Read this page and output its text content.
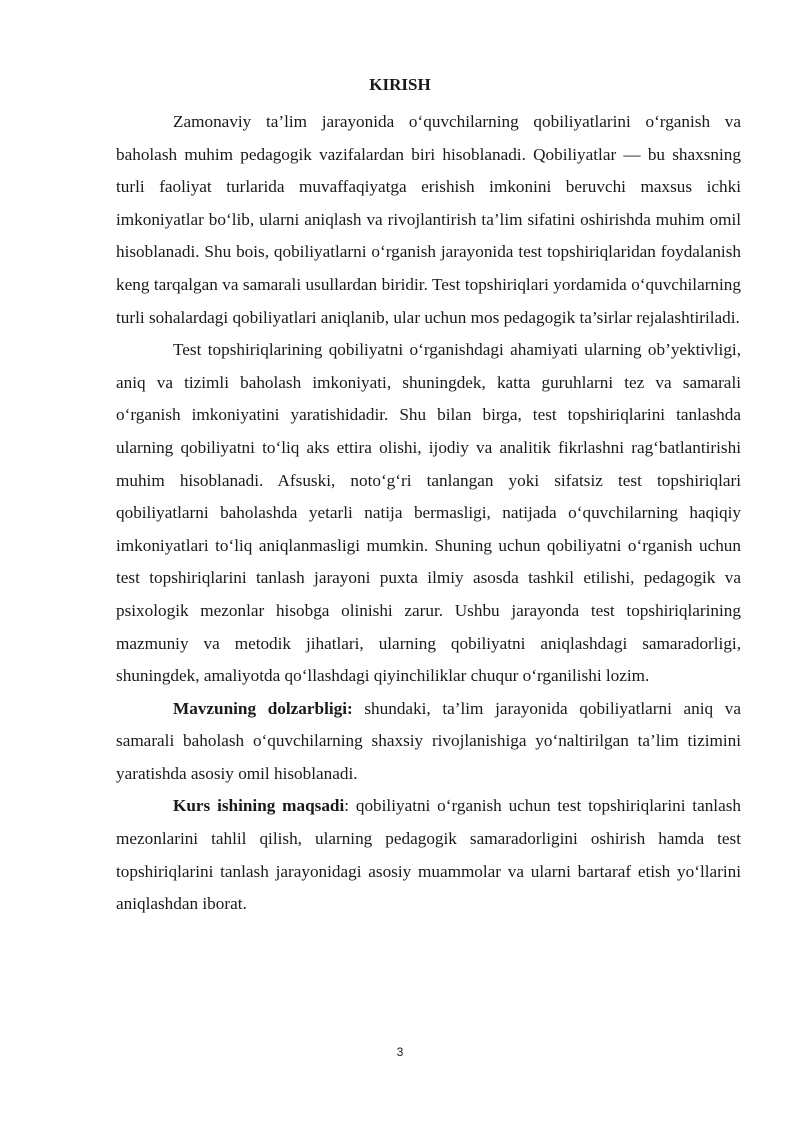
KIRISH

Zamonaviy ta’lim jarayonida o‘quvchilarning qobiliyatlarini o‘rganish va baholash muhim pedagogik vazifalardan biri hisoblanadi. Qobiliyatlar — bu shaxsning turli faoliyat turlarida muvaffaqiyatga erishish imkonini beruvchi maxsus ichki imkoniyatlar bo‘lib, ularni aniqlash va rivojlantirish ta’lim sifatini oshirishda muhim omil hisoblanadi. Shu bois, qobiliyatlarni o‘rganish jarayonida test topshiriqlaridan foydalanish keng tarqalgan va samarali usullardan biridir. Test topshiriqlari yordamida o‘quvchilarning turli sohalardagi qobiliyatlari aniqlanib, ular uchun mos pedagogik ta’sirlar rejalashtiriladi.

Test topshiriqlarining qobiliyatni o‘rganishdagi ahamiyati ularning ob’yektivligi, aniq va tizimli baholash imkoniyati, shuningdek, katta guruhlarni tez va samarali o‘rganish imkoniyatini yaratishidadir. Shu bilan birga, test topshiriqlarini tanlashda ularning qobiliyatni to‘liq aks ettira olishi, ijodiy va analitik fikrlashni rag‘batlantirishi muhim hisoblanadi. Afsuski, noto‘g‘ri tanlangan yoki sifatsiz test topshiriqlari qobiliyatlarni baholashda yetarli natija bermasligi, natijada o‘quvchilarning haqiqiy imkoniyatlari to‘liq aniqlanmasligi mumkin. Shuning uchun qobiliyatni o‘rganish uchun test topshiriqlarini tanlash jarayoni puxta ilmiy asosda tashkil etilishi, pedagogik va psixologik mezonlar hisobga olinishi zarur. Ushbu jarayonda test topshiriqlarining mazmuniy va metodik jihatlari, ularning qobiliyatni aniqlashdagi samaradorligi, shuningdek, amaliyotda qo‘llashdagi qiyinchiliklar chuqur o‘rganilishi lozim.

Mavzuning dolzarbligi: shundaki, ta’lim jarayonida qobiliyatlarni aniq va samarali baholash o‘quvchilarning shaxsiy rivojlanishiga yo‘naltirilgan ta’lim tizimini yaratishda asosiy omil hisoblanadi.

Kurs ishining maqsadi: qobiliyatni o‘rganish uchun test topshiriqlarini tanlash mezonlarini tahlil qilish, ularning pedagogik samaradorligini oshirish hamda test topshiriqlarini tanlash jarayonidagi asosiy muammolar va ularni bartaraf etish yo‘llarini aniqlashdan iborat.

3
